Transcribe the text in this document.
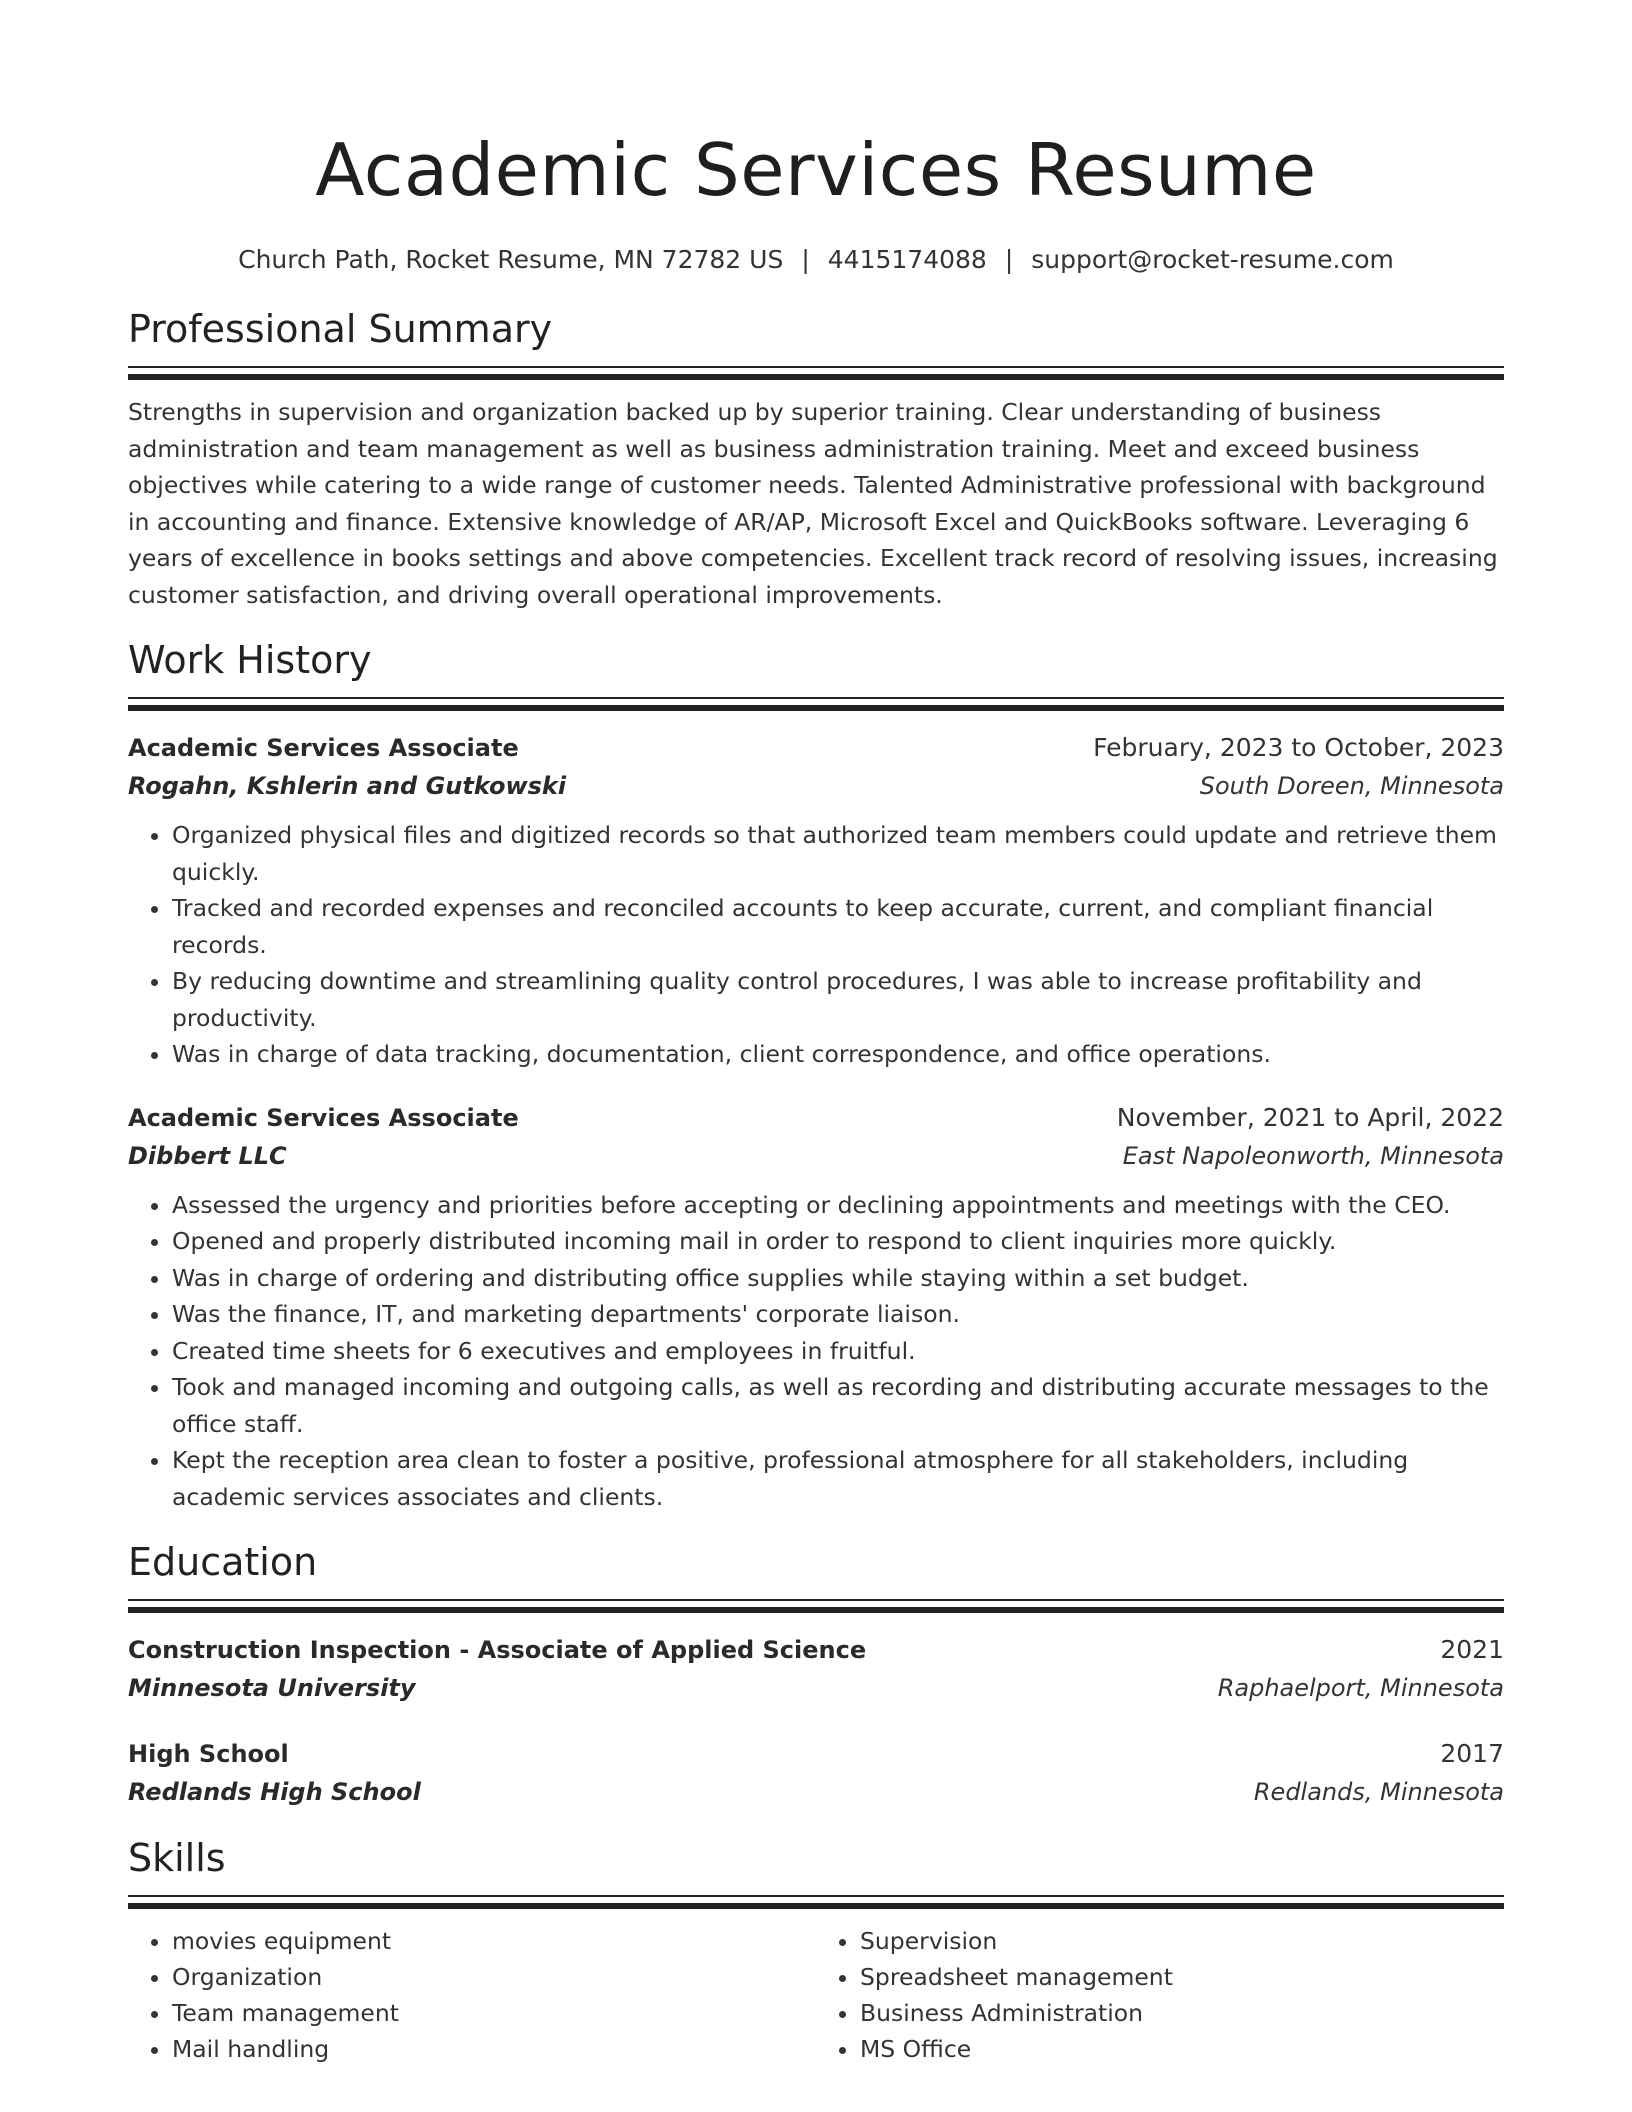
Academic Services Resume
Church Path, Rocket Resume, MN 72782 US | 4415174088 | support@rocket-resume.com
Professional Summary

Strengths in supervision and organization backed up by superior training. Clear understanding of business administration and team management as well as business administration training. Meet and exceed business objectives while catering to a wide range of customer needs. Talented Administrative professional with background in accounting and finance. Extensive knowledge of AR/AP, Microsoft Excel and QuickBooks software. Leveraging 6 years of excellence in books settings and above competencies. Excellent track record of resolving issues, increasing customer satisfaction, and driving overall operational improvements.

Work History
Academic Services Associate	February, 2023 to October, 2023
Rogahn, Kshlerin and Gutkowski	South Doreen, Minnesota
• Organized physical files and digitized records so that authorized team members could update and retrieve them quickly.
• Tracked and recorded expenses and reconciled accounts to keep accurate, current, and compliant financial records.
• By reducing downtime and streamlining quality control procedures, I was able to increase profitability and productivity.
• Was in charge of data tracking, documentation, client correspondence, and office operations.
Academic Services Associate	November, 2021 to April, 2022
Dibbert LLC	East Napoleonworth, Minnesota
• Assessed the urgency and priorities before accepting or declining appointments and meetings with the CEO.
• Opened and properly distributed incoming mail in order to respond to client inquiries more quickly.
• Was in charge of ordering and distributing office supplies while staying within a set budget.
• Was the finance, IT, and marketing departments' corporate liaison.
• Created time sheets for 6 executives and employees in fruitful.
• Took and managed incoming and outgoing calls, as well as recording and distributing accurate messages to the office staff.
• Kept the reception area clean to foster a positive, professional atmosphere for all stakeholders, including academic services associates and clients.
Education
Construction Inspection - Associate of Applied Science	2021
Minnesota University	Raphaelport, Minnesota
High School	2017
Redlands High School	Redlands, Minnesota
Skills
• movies equipment
• Organization
• Team management
• Mail handling
• Supervision
• Spreadsheet management
• Business Administration
• MS Office
